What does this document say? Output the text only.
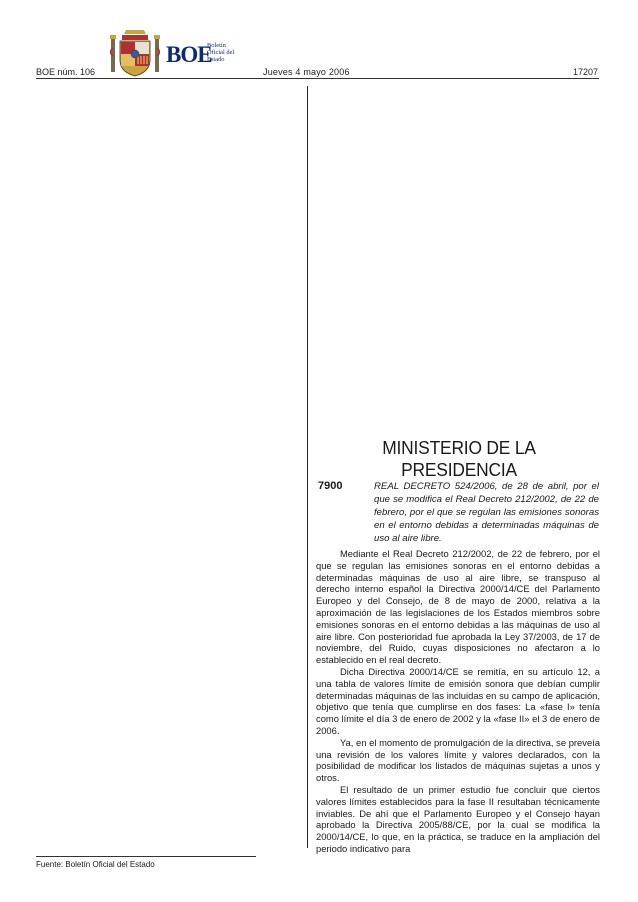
BOE
Boletín
Oficial del
Estado
BOE núm. 106	Jueves 4 mayo 2006	17207
MINISTERIO DE LA PRESIDENCIA
7900	REAL DECRETO 524/2006, de 28 de abril, por el que se modifica el Real Decreto 212/2002, de 22 de febrero, por el que se regulan las emisiones sonoras en el entorno debidas a determinadas máquinas de uso al aire libre.

Mediante el Real Decreto 212/2002, de 22 de febrero, por el que se regulan las emisiones sonoras en el entorno debidas a determinadas máquinas de uso al aire libre, se transpuso al derecho interno español la Directiva 2000/14/CE del Parlamento Europeo y del Consejo, de 8 de mayo de 2000, relativa a la aproximación de las legislaciones de los Estados miembros sobre emisiones sonoras en el entorno debidas a las máquinas de uso al aire libre. Con posterioridad fue aprobada la Ley 37/2003, de 17 de noviembre, del Ruido, cuyas disposiciones no afectaron a lo establecido en el real decreto.

Dicha Directiva 2000/14/CE se remitía, en su artículo 12, a una tabla de valores límite de emisión sonora que debían cumplir determinadas máquinas de las incluidas en su campo de aplicación, objetivo que tenía que cumplirse en dos fases: La «fase I» tenía como límite el día 3 de enero de 2002 y la «fase II» el 3 de enero de 2006.

Ya, en el momento de promulgación de la directiva, se preveía una revisión de los valores límite y valores declarados, con la posibilidad de modificar los listados de máquinas sujetas a unos y otros.

El resultado de un primer estudio fue concluir que ciertos valores límites establecidos para la fase II resultaban técnicamente inviables. De ahí que el Parlamento Europeo y el Consejo hayan aprobado la Directiva 2005/88/CE, por la cual se modifica la 2000/14/CE, lo que, en la práctica, se traduce en la ampliación del periodo indicativo para

Fuente: Boletín Oficial del Estado
